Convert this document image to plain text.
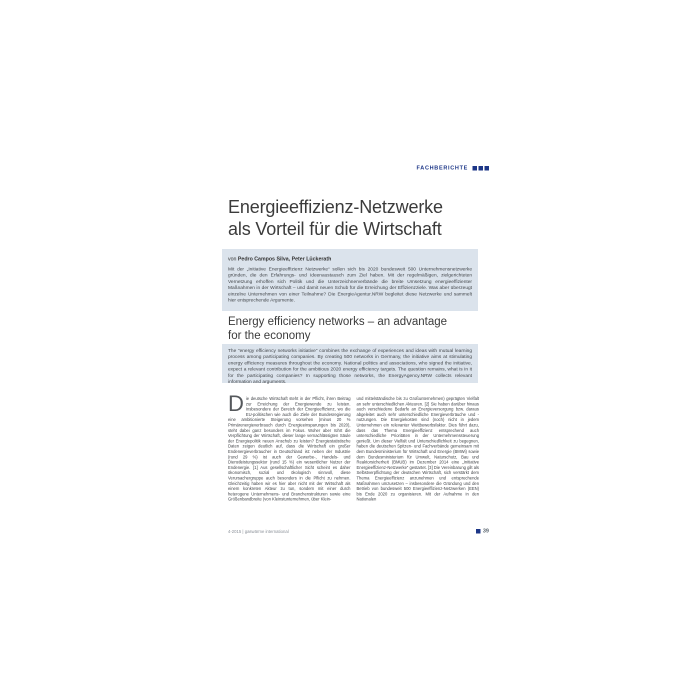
FACHBERICHTE
Energieeffizienz-Netzwerke
als Vorteil für die Wirtschaft
von Pedro Campos Silva, Peter Lückerath
Mit der „Initiative Energieeffizienz Netzwerke“ sollen sich bis 2020 bundesweit 500 Unternehmensnetzwerke gründen, die den Erfahrungs- und Ideenaustausch zum Ziel haben. Mit der regelmäßigen, zielgerichteten Vernetzung erhoffen sich Politik und die Unterzeichnerverbände die breite Umsetzung energieeffizienter Maßnahmen in der Wirtschaft – und damit neuen Schub für die Erreichung der Effizienzziele. Was aber überzeugt einzelne Unternehmen von einer Teilnahme? Die EnergieAgentur.NRW begleitet diese Netzwerke und sammelt hier entsprechende Argumente.
Energy efficiency networks – an advantage
for the economy
The “energy efficiency networks initiative” combines the exchange of experiences and ideas with mutual learning process among participating companies. By creating 500 networks in Germany, the initiative aims at stimulating energy efficiency measures throughout the economy. National politics and associations, who signed the initiative, expect a relevant contribution for the ambitious 2020 energy efficiency targets. The question remains, what is in it for the participating companies? In supporting those networks, the EnergyAgency.NRW collects relevant information and arguments.
Die deutsche Wirtschaft steht in der Pflicht, ihren Beitrag zur Erreichung der Energiewende zu leisten. Insbesondere der Bereich der Energieeffizienz, wo die EU-politischen wie auch die Ziele der Bundesregierung eine ambitionierte Steigerung vorsehen (minus 20 % Primärenergieverbrauch durch Energieeinsparungen bis 2020), steht dabei ganz besonders im Fokus. Woher aber rührt die Verpflichtung der Wirtschaft, dieser lange vernachlässigten Säule der Energiepolitik neuen Anschub zu leisten? Energiestatistische Daten zeigen deutlich auf, dass die Wirtschaft ein großer Endenergieverbraucher in Deutschland ist: neben der Industrie (rund 29 %) ist auch der Gewerbe-, Handels- und Dienstleistungssektor (rund 15 %) ein wesentlicher Nutzer der Endenergie. [1] Aus gesellschaftlicher Sicht scheint es daher ökonomisch, sozial und ökologisch sinnvoll, diese Verursachergruppe auch besonders in die Pflicht zu nehmen. Gleichzeitig haben wir es hier aber nicht mit der Wirtschaft als einem konkreten Akteur zu tun, sondern mit einer durch heterogene Unternehmens- und Branchenstrukturen sowie eine Größenbandbreite (von Kleinstunternehmen, über Klein-
und mittelständische bis zu Großunternehmen) geprägten Vielfalt an sehr unterschiedlichen Akteuren. [2] Sie haben darüber hinaus auch verschiedene Bedarfe an Energieversorgung bzw. daraus abgeleitet auch sehr unterschiedliche Energieverbräuche und -nutzungen. Die Energiekosten sind (noch) nicht in jedem Unternehmen ein relevanter Wettbewerbsfaktor. Dies führt dazu, dass das Thema Energieeffizienz entsprechend auch unterschiedliche Prioritäten in der Unternehmenssteuerung genießt. Um dieser Vielfalt und Unterschiedlichkeit zu begegnen, haben die deutschen Spitzen- und Fachverbände gemeinsam mit dem Bundesministerium für Wirtschaft und Energie (BMWi) sowie dem Bundesministerium für Umwelt, Naturschutz, Bau und Reaktorsicherheit (BMUB) im Dezember 2014 eine „Initiative Energieeffizienz-Netzwerke“ gestartet. [3] Die Vereinbarung gilt als Selbstverpflichtung der deutschen Wirtschaft, sich verstärkt dem Thema Energieeffizienz anzunehmen und entsprechende Maßnahmen umzusetzen – insbesondere die Gründung und den Betrieb von bundesweit 500 Energieeffizienz-Netzwerken (EEN) bis Ende 2020 zu organisieren. Mit der Aufnahme in den Nationalen
4-2015 | gaswärme international	39
